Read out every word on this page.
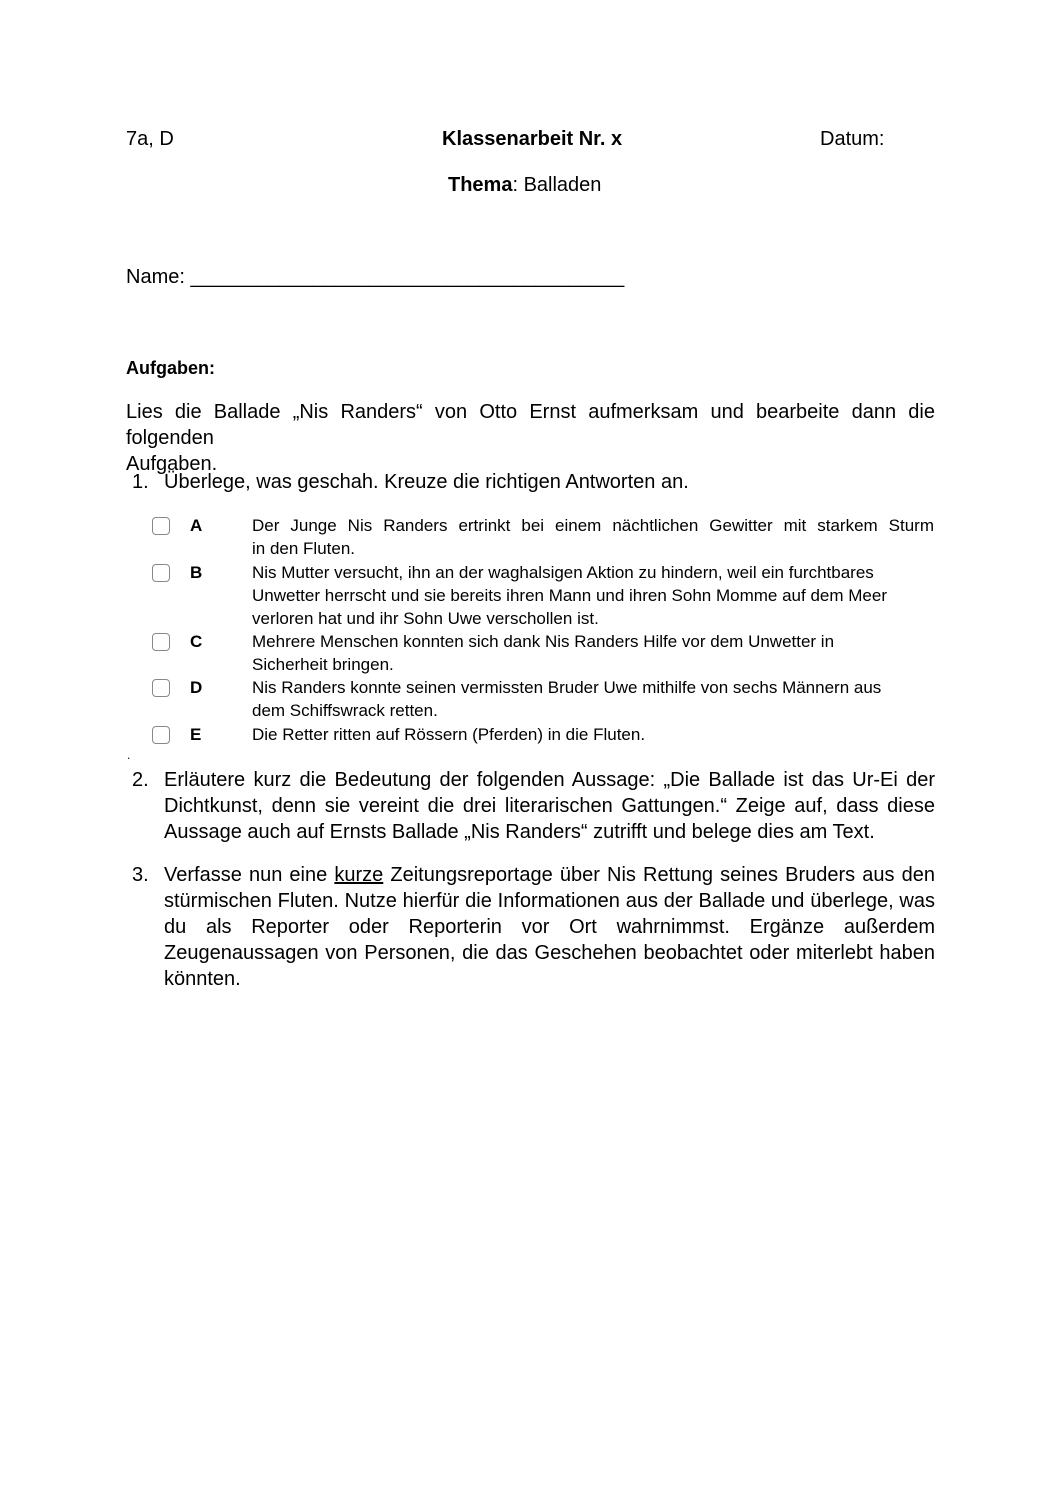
7a, D	Klassenarbeit Nr. x	Datum:
Thema: Balladen
Name: _______________________________________
Aufgaben:
Lies die Ballade „Nis Randers“ von Otto Ernst aufmerksam und bearbeite dann die folgenden
Aufgaben.
1. Überlege, was geschah. Kreuze die richtigen Antworten an.
A	Der Junge Nis Randers ertrinkt bei einem nächtlichen Gewitter mit starkem Sturm
in den Fluten.
B	Nis Mutter versucht, ihn an der waghalsigen Aktion zu hindern, weil ein furchtbares
Unwetter herrscht und sie bereits ihren Mann und ihren Sohn Momme auf dem Meer
verloren hat und ihr Sohn Uwe verschollen ist.
C	Mehrere Menschen konnten sich dank Nis Randers Hilfe vor dem Unwetter in
Sicherheit bringen.
D	Nis Randers konnte seinen vermissten Bruder Uwe mithilfe von sechs Männern aus
dem Schiffswrack retten.
E	Die Retter ritten auf Rössern (Pferden) in die Fluten.
.
2. Erläutere kurz die Bedeutung der folgenden Aussage: „Die Ballade ist das Ur-Ei der
Dichtkunst, denn sie vereint die drei literarischen Gattungen.“ Zeige auf, dass diese
Aussage auch auf Ernsts Ballade „Nis Randers“ zutrifft und belege dies am Text.
3. Verfasse nun eine kurze Zeitungsreportage über Nis Rettung seines Bruders aus den
stürmischen Fluten. Nutze hierfür die Informationen aus der Ballade und überlege, was
du als Reporter oder Reporterin vor Ort wahrnimmst. Ergänze außerdem
Zeugenaussagen von Personen, die das Geschehen beobachtet oder miterlebt haben
könnten.
